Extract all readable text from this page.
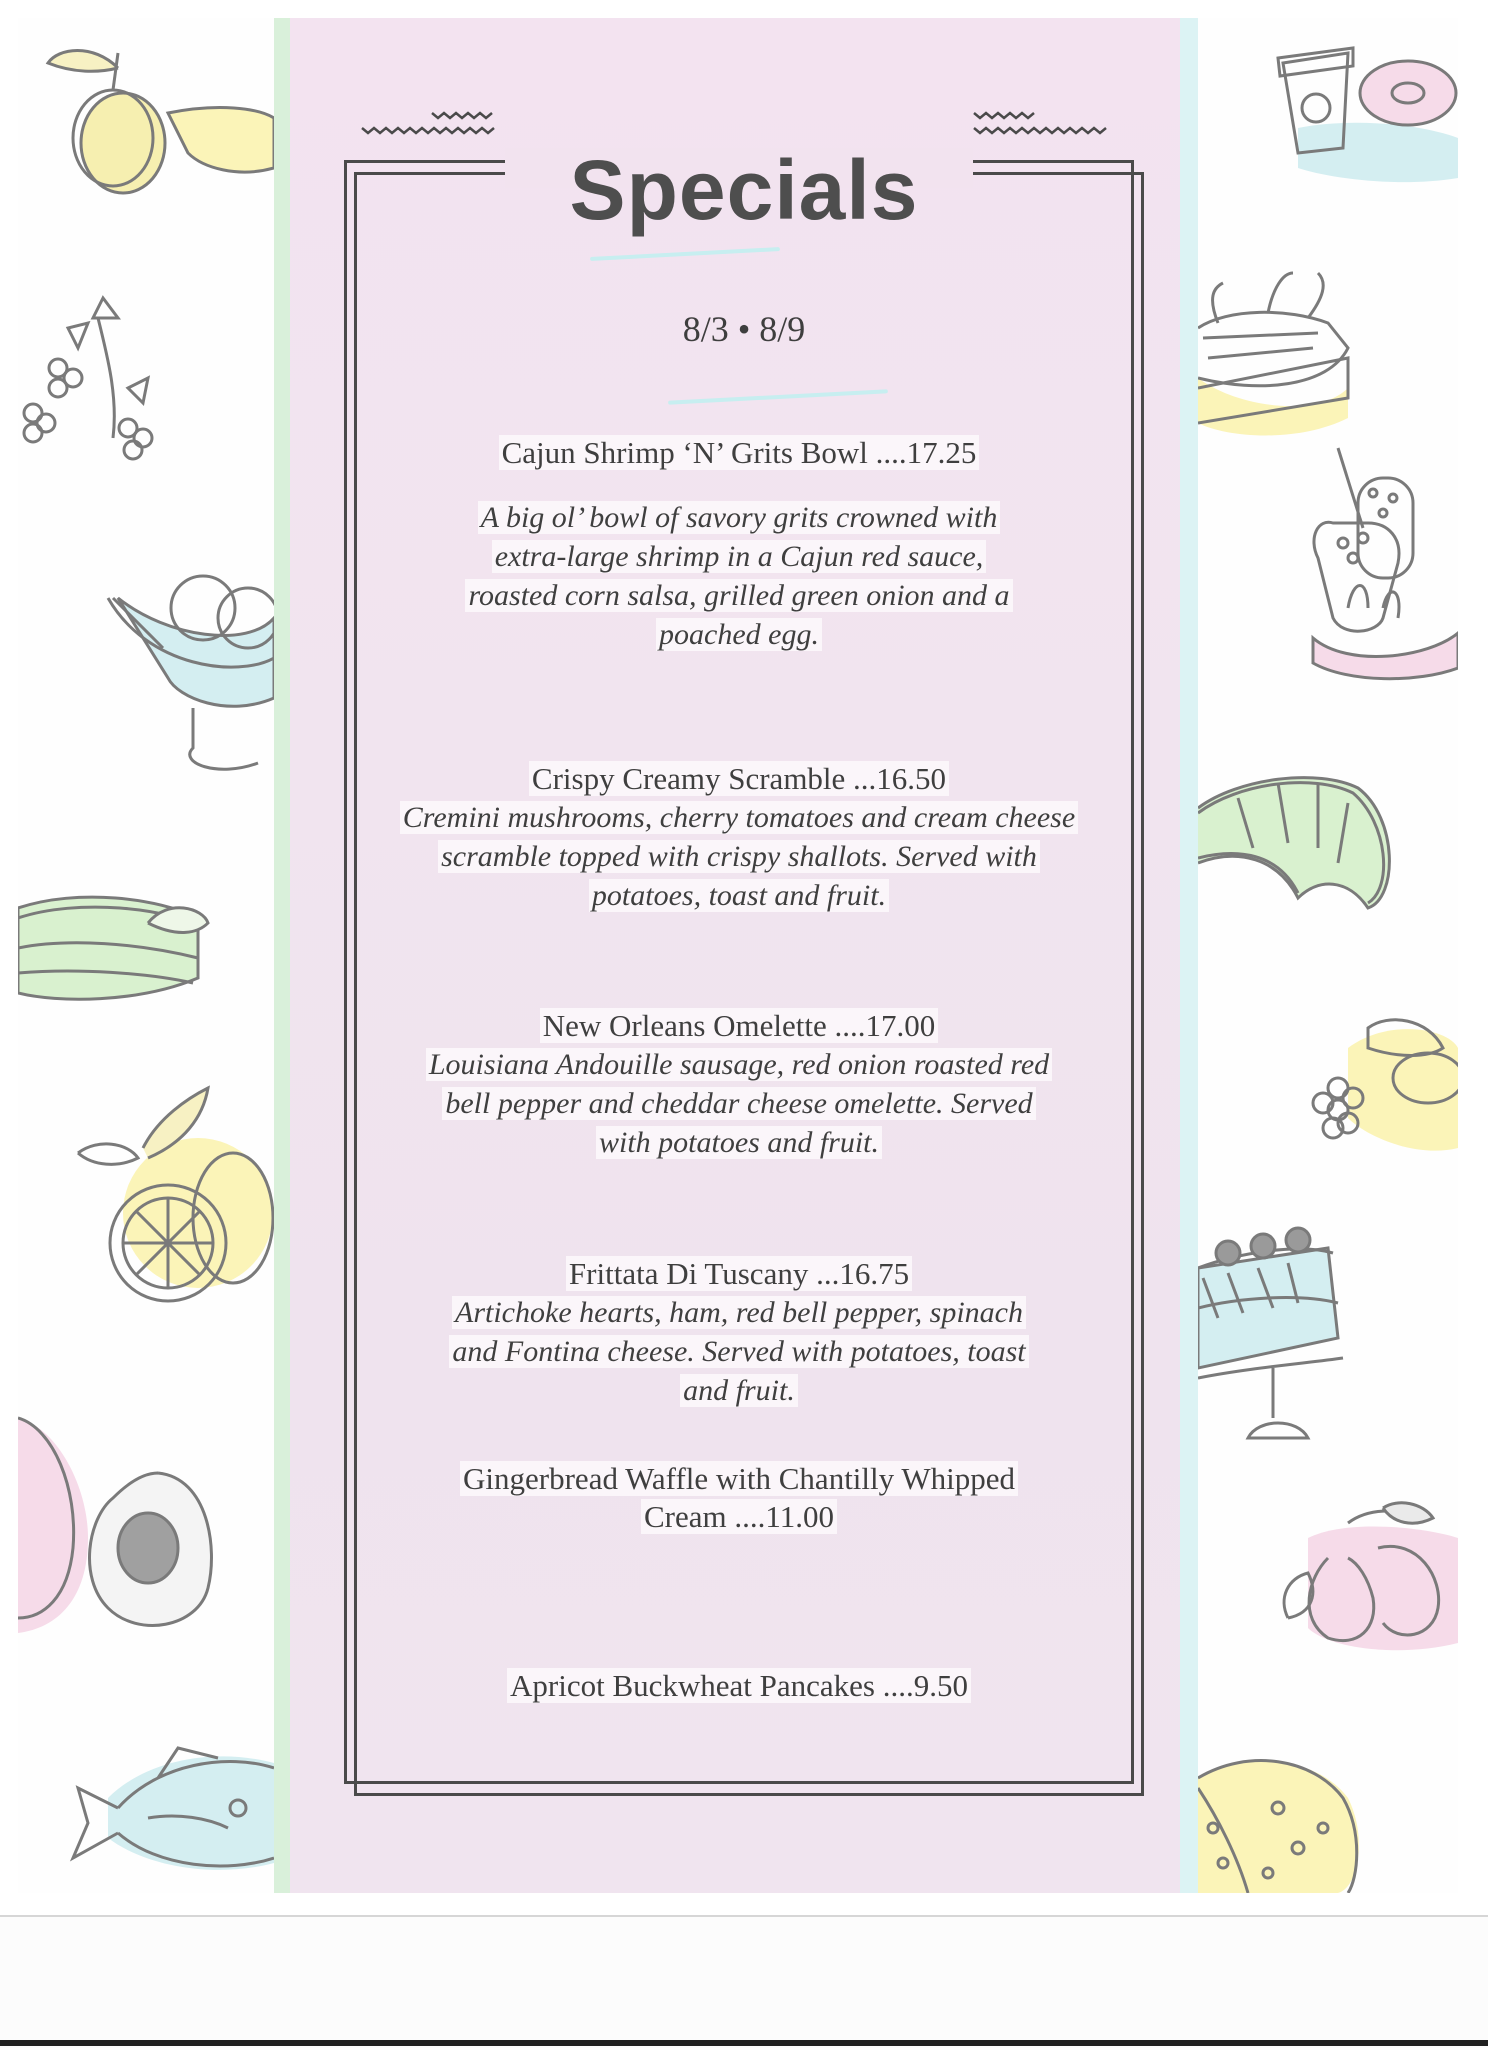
Specials
8/3 • 8/9

Cajun Shrimp ‘N’ Grits Bowl ....17.25

A big ol’ bowl of savory grits crowned with extra-large shrimp in a Cajun red sauce, roasted corn salsa, grilled green onion and a poached egg.

Crispy Creamy Scramble ...16.50

Cremini mushrooms, cherry tomatoes and cream cheese scramble topped with crispy shallots. Served with potatoes, toast and fruit.

New Orleans Omelette ....17.00

Louisiana Andouille sausage, red onion roasted red bell pepper and cheddar cheese omelette. Served with potatoes and fruit.

Frittata Di Tuscany ...16.75

Artichoke hearts, ham, red bell pepper, spinach and Fontina cheese. Served with potatoes, toast and fruit.

Gingerbread Waffle with Chantilly Whipped Cream ....11.00

Apricot Buckwheat Pancakes ....9.50
